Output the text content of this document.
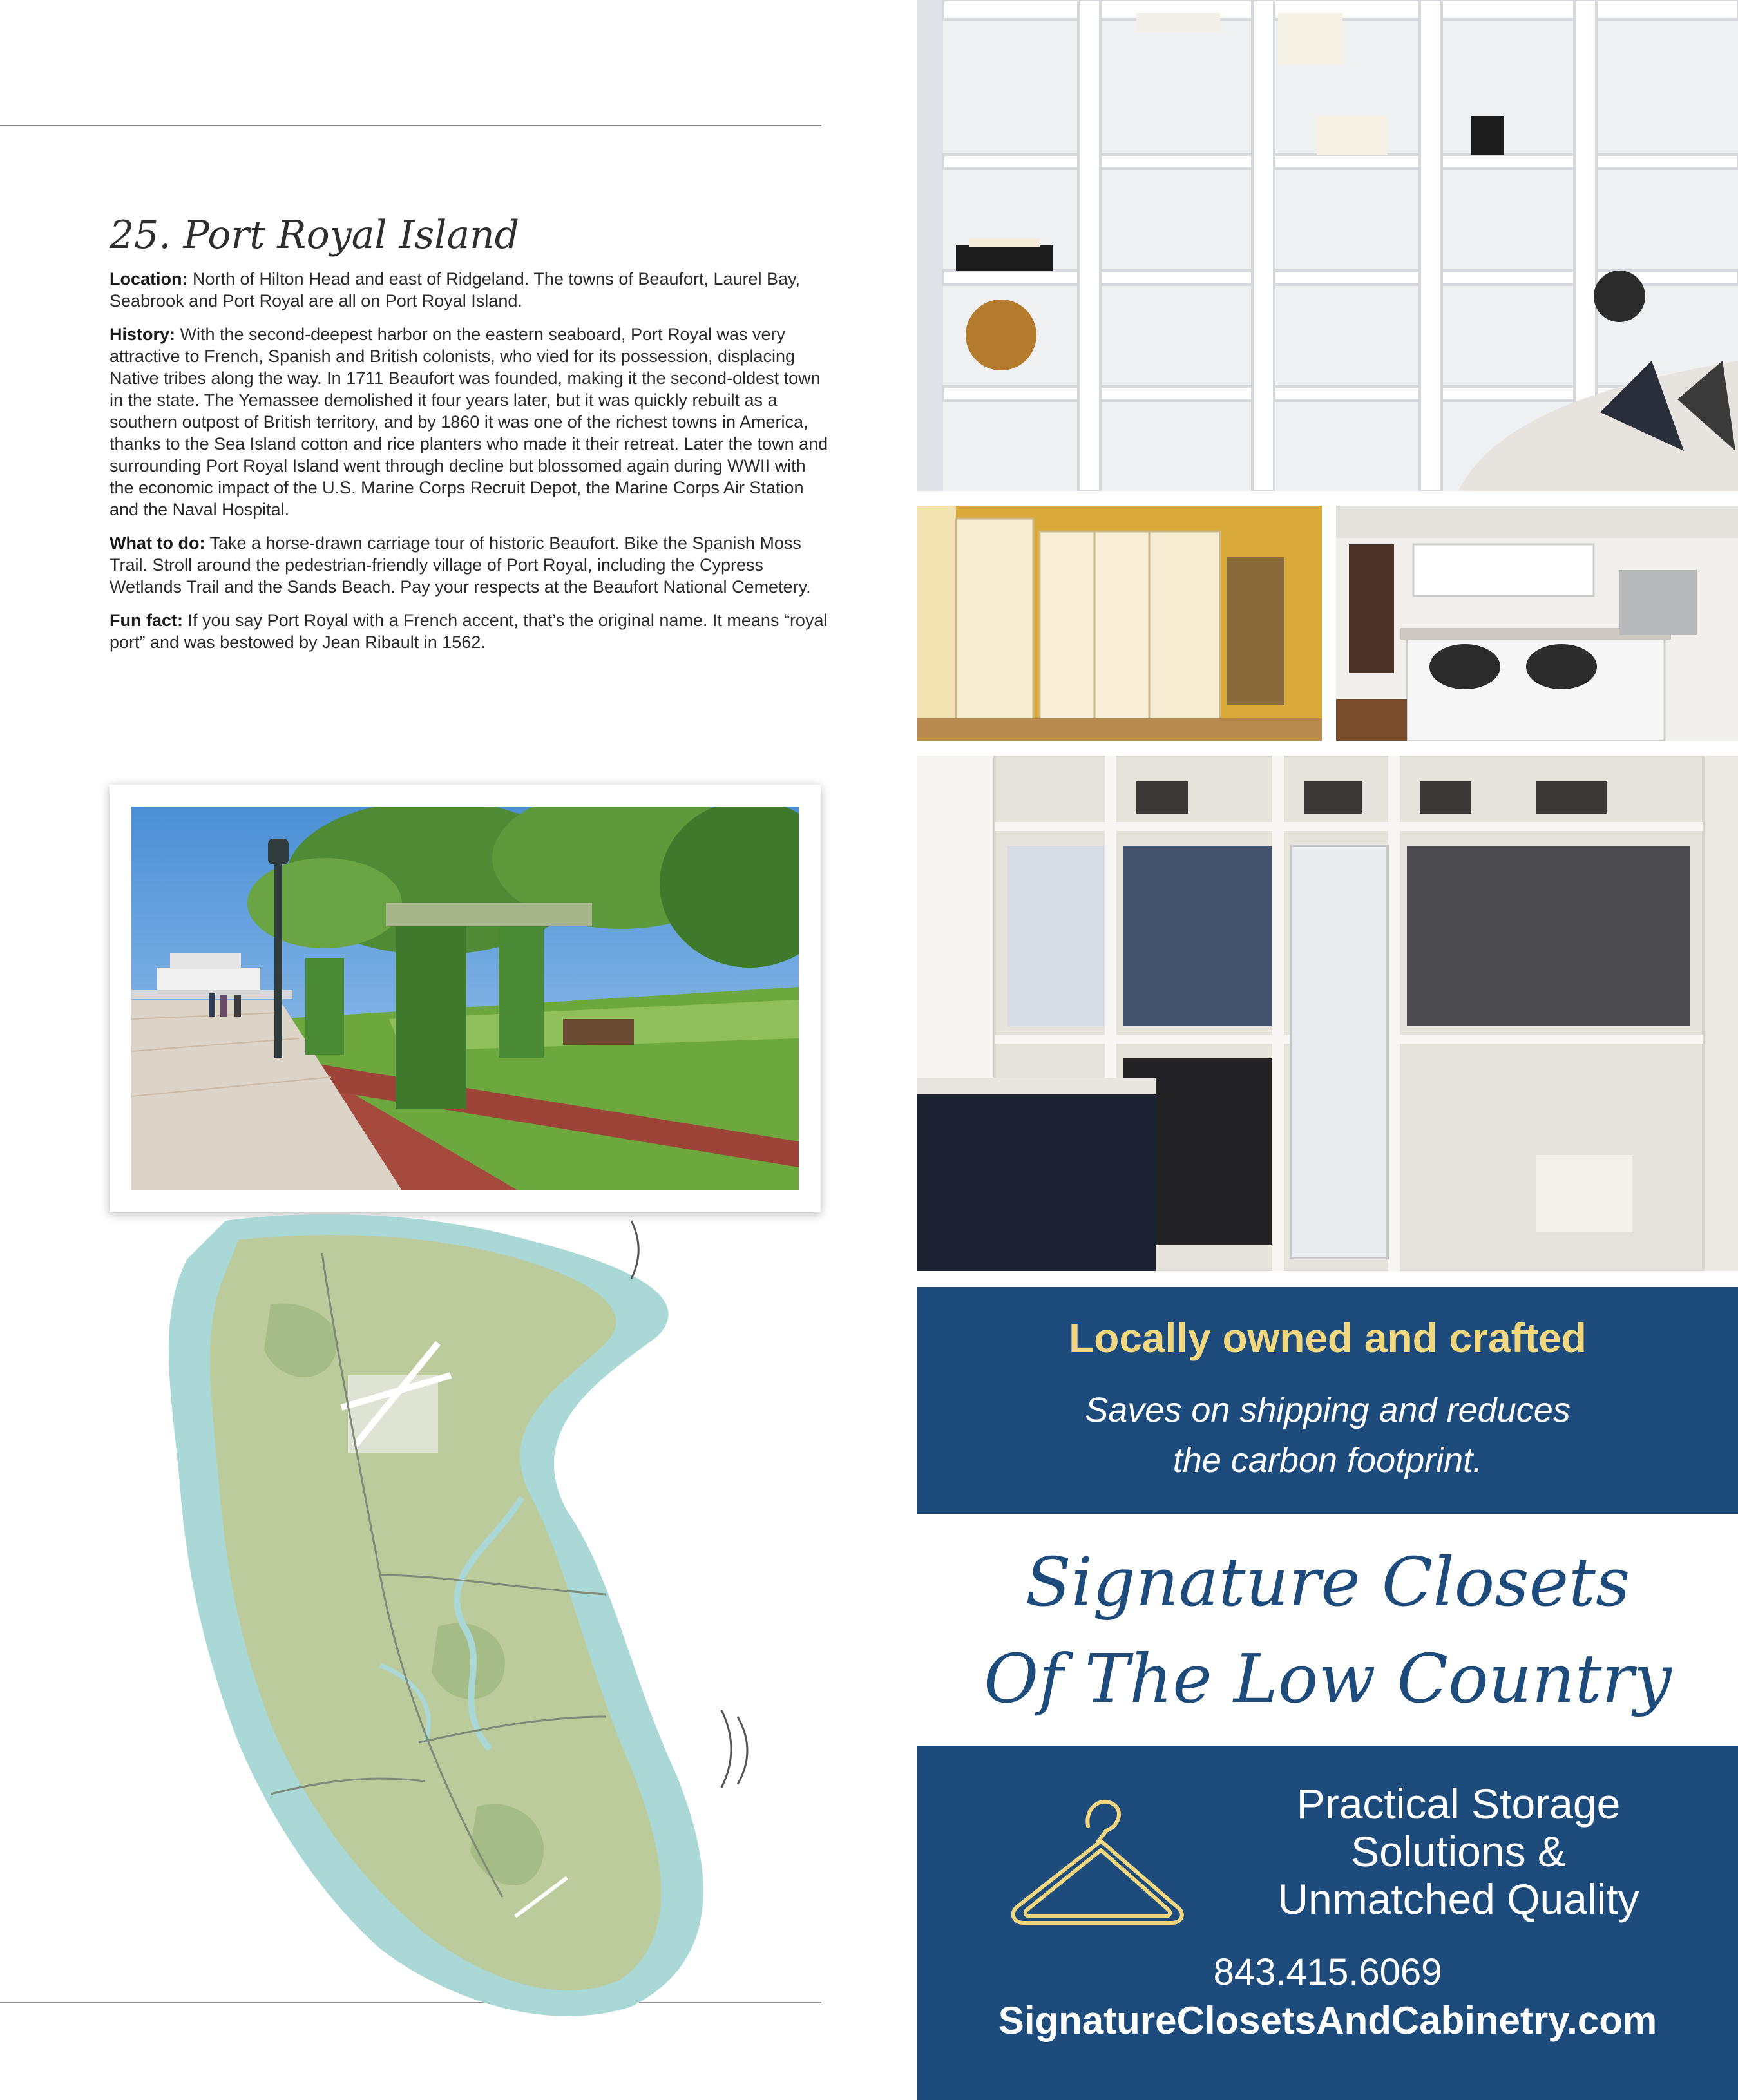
25. Port Royal Island

Location: North of Hilton Head and east of Ridgeland. The towns of Beaufort, Laurel Bay, Seabrook and Port Royal are all on Port Royal Island.

History: With the second-deepest harbor on the eastern seaboard, Port Royal was very attractive to French, Spanish and British colonists, who vied for its possession, displacing Native tribes along the way. In 1711 Beaufort was founded, making it the second-oldest town in the state. The Yemassee demolished it four years later, but it was quickly rebuilt as a southern outpost of British territory, and by 1860 it was one of the richest towns in America, thanks to the Sea Island cotton and rice planters who made it their retreat. Later the town and surrounding Port Royal Island went through decline but blossomed again during WWII with the economic impact of the U.S. Marine Corps Recruit Depot, the Marine Corps Air Station and the Naval Hospital.

What to do: Take a horse-drawn carriage tour of historic Beaufort. Bike the Spanish Moss Trail. Stroll around the pedestrian-friendly village of Port Royal, including the Cypress Wetlands Trail and the Sands Beach. Pay your respects at the Beaufort National Cemetery.

Fun fact: If you say Port Royal with a French accent, that’s the original name. It means “royal port” and was bestowed by Jean Ribault in 1562.

Locally owned and crafted
Saves on shipping and reduces
the carbon footprint.
Signature Closets
Of The Low Country
Practical Storage
Solutions &
Unmatched Quality
843.415.6069
SignatureClosetsAndCabinetry.com
